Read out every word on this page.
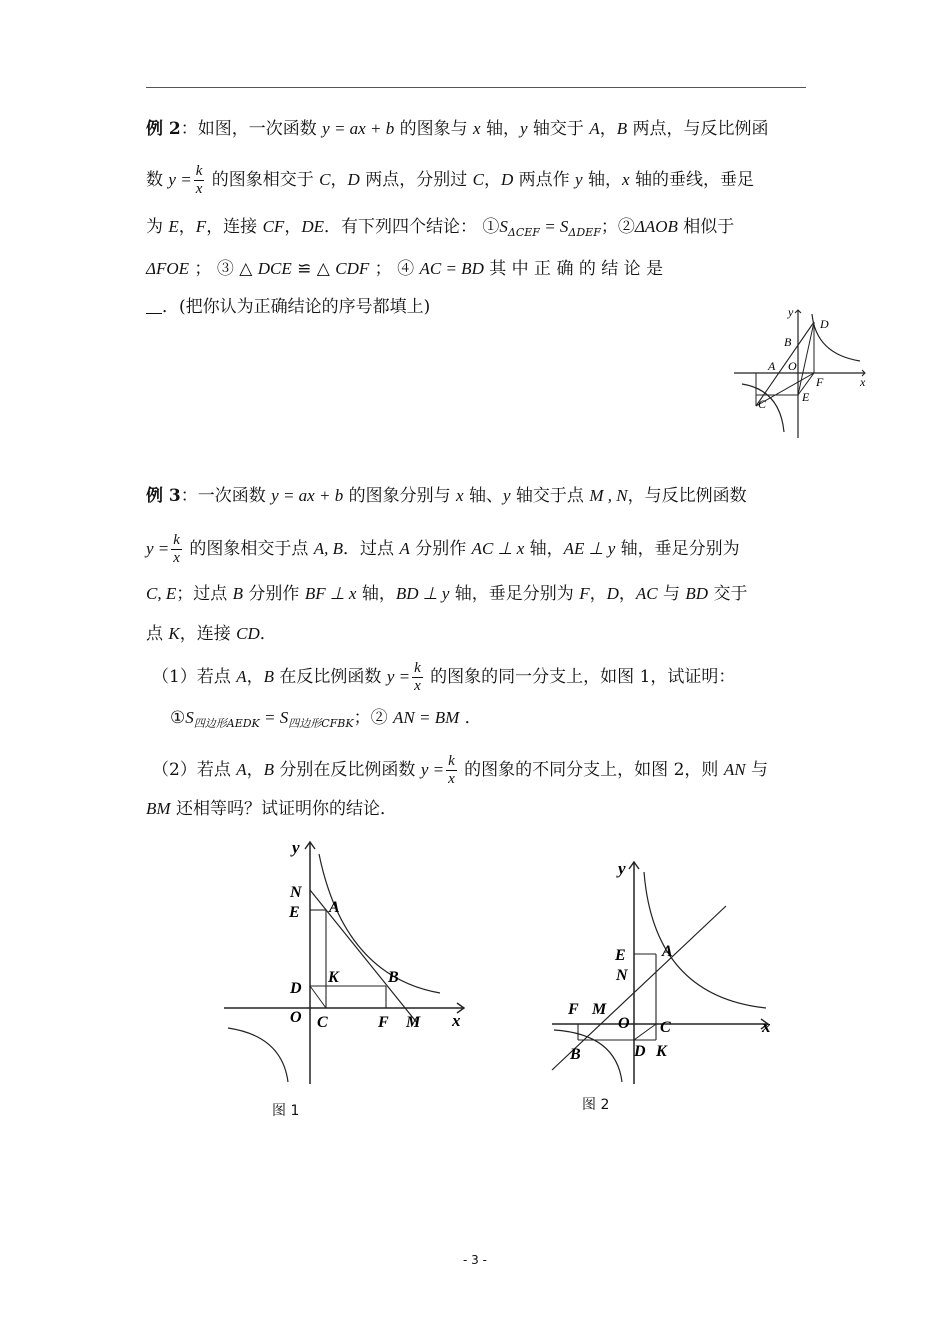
例 2：如图，一次函数 y = ax + b 的图象与 x 轴，y 轴交于 A，B 两点，与反比例函
数 $y = \frac{k}{x}$ 的图象相交于 C，D 两点，分别过 C，D 两点作 y 轴，x 轴的垂线，垂足
为 E，F，连接 CF，DE．有下列四个结论： $①S_{\Delta CEF} = S_{\Delta DEF}$；②ΔAOB 相似于
ΔFOE ； ③ △ DCE ≌ △ CDF ； ④ AC = BD 其 中 正 确 的 结 论 是
．(把你认为正确结论的序号都填上)	y
x
O
A
B
C
D
E
F
例 3：一次函数 y = ax + b 的图象分别与 x 轴、y 轴交于点 M , N，与反比例函数
$y = \frac{k}{x}$ 的图象相交于点 A, B．过点 A 分别作 AC ⊥ x 轴，AE ⊥ y 轴，垂足分别为
C, E；过点 B 分别作 BF ⊥ x 轴，BD ⊥ y 轴，垂足分别为 F，D，AC 与 BD 交于
点 K，连接 CD．
（1）若点 A，B 在反比例函数 $y = \frac{k}{x}$ 的图象的同一分支上，如图 1，试证明：
$①S_{四边形AEDK} = S_{四边形CFBK}$；② AN = BM ．
（2）若点 A，B 分别在反比例函数 $y = \frac{k}{x}$ 的图象的不同分支上，如图 2，则 AN 与
BM 还相等吗？试证明你的结论．
y
x
O
N
E A
K	B
D
C	F M
图 1
y
x
O
N
E A
F M
C
B	D K
图 2
- 3 -
